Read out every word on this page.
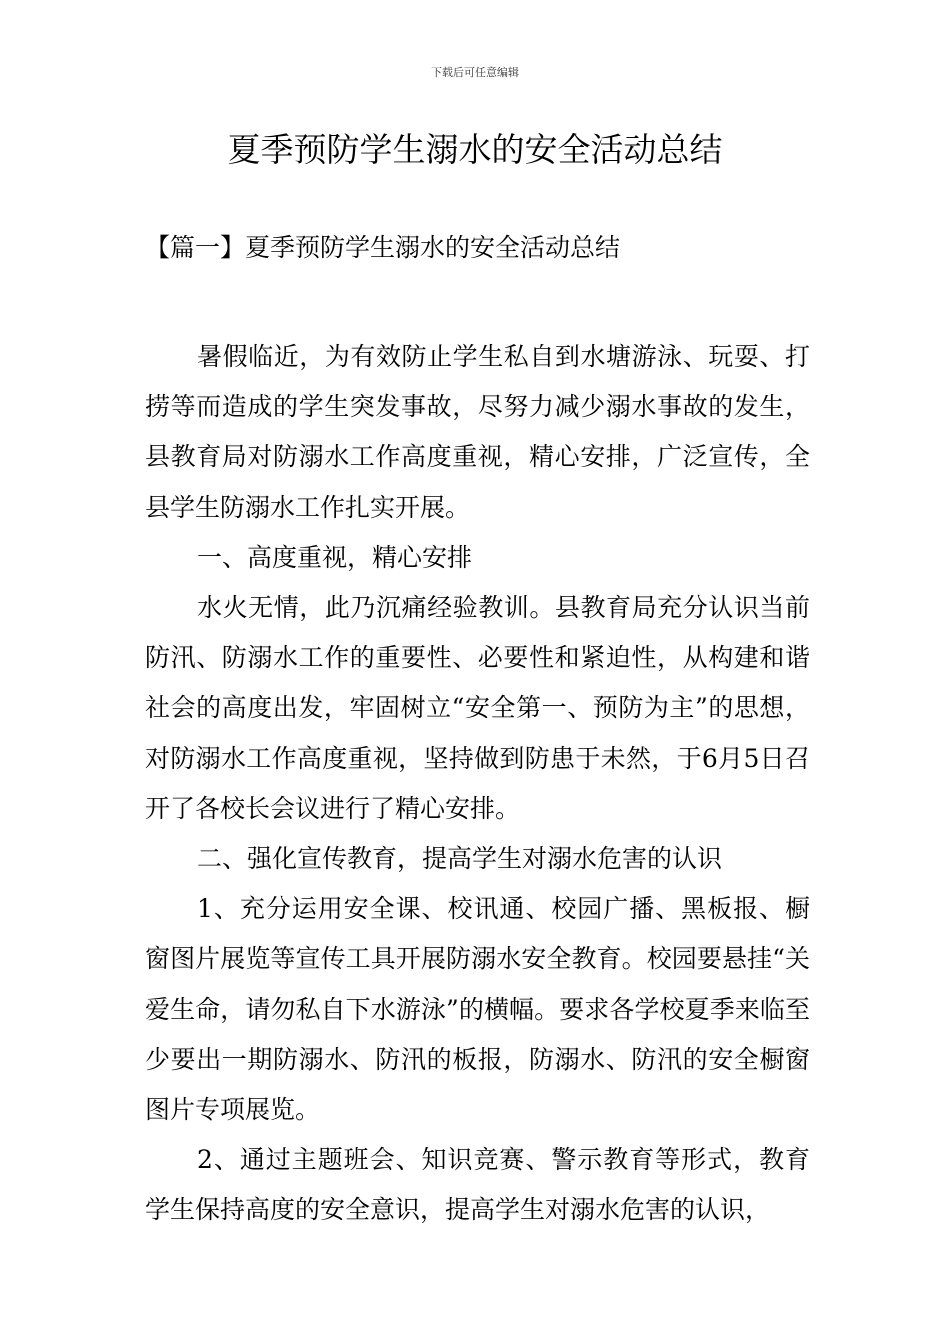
下载后可任意编辑
夏季预防学生溺水的安全活动总结
【篇一】夏季预防学生溺水的安全活动总结

暑假临近，为有效防止学生私自到水塘游泳、玩耍、打捞等而造成的学生突发事故，尽努力减少溺水事故的发生，县教育局对防溺水工作高度重视，精心安排，广泛宣传，全县学生防溺水工作扎实开展。

一、高度重视，精心安排

水火无情，此乃沉痛经验教训。县教育局充分认识当前防汛、防溺水工作的重要性、必要性和紧迫性，从构建和谐社会的高度出发，牢固树立“安全第一、预防为主”的思想，对防溺水工作高度重视，坚持做到防患于未然，于6月5日召开了各校长会议进行了精心安排。

二、强化宣传教育，提高学生对溺水危害的认识

1、充分运用安全课、校讯通、校园广播、黑板报、橱窗图片展览等宣传工具开展防溺水安全教育。校园要悬挂“关爱生命，请勿私自下水游泳”的横幅。要求各学校夏季来临至少要出一期防溺水、防汛的板报，防溺水、防汛的安全橱窗图片专项展览。

2、通过主题班会、知识竞赛、警示教育等形式，教育学生保持高度的安全意识，提高学生对溺水危害的认识，
